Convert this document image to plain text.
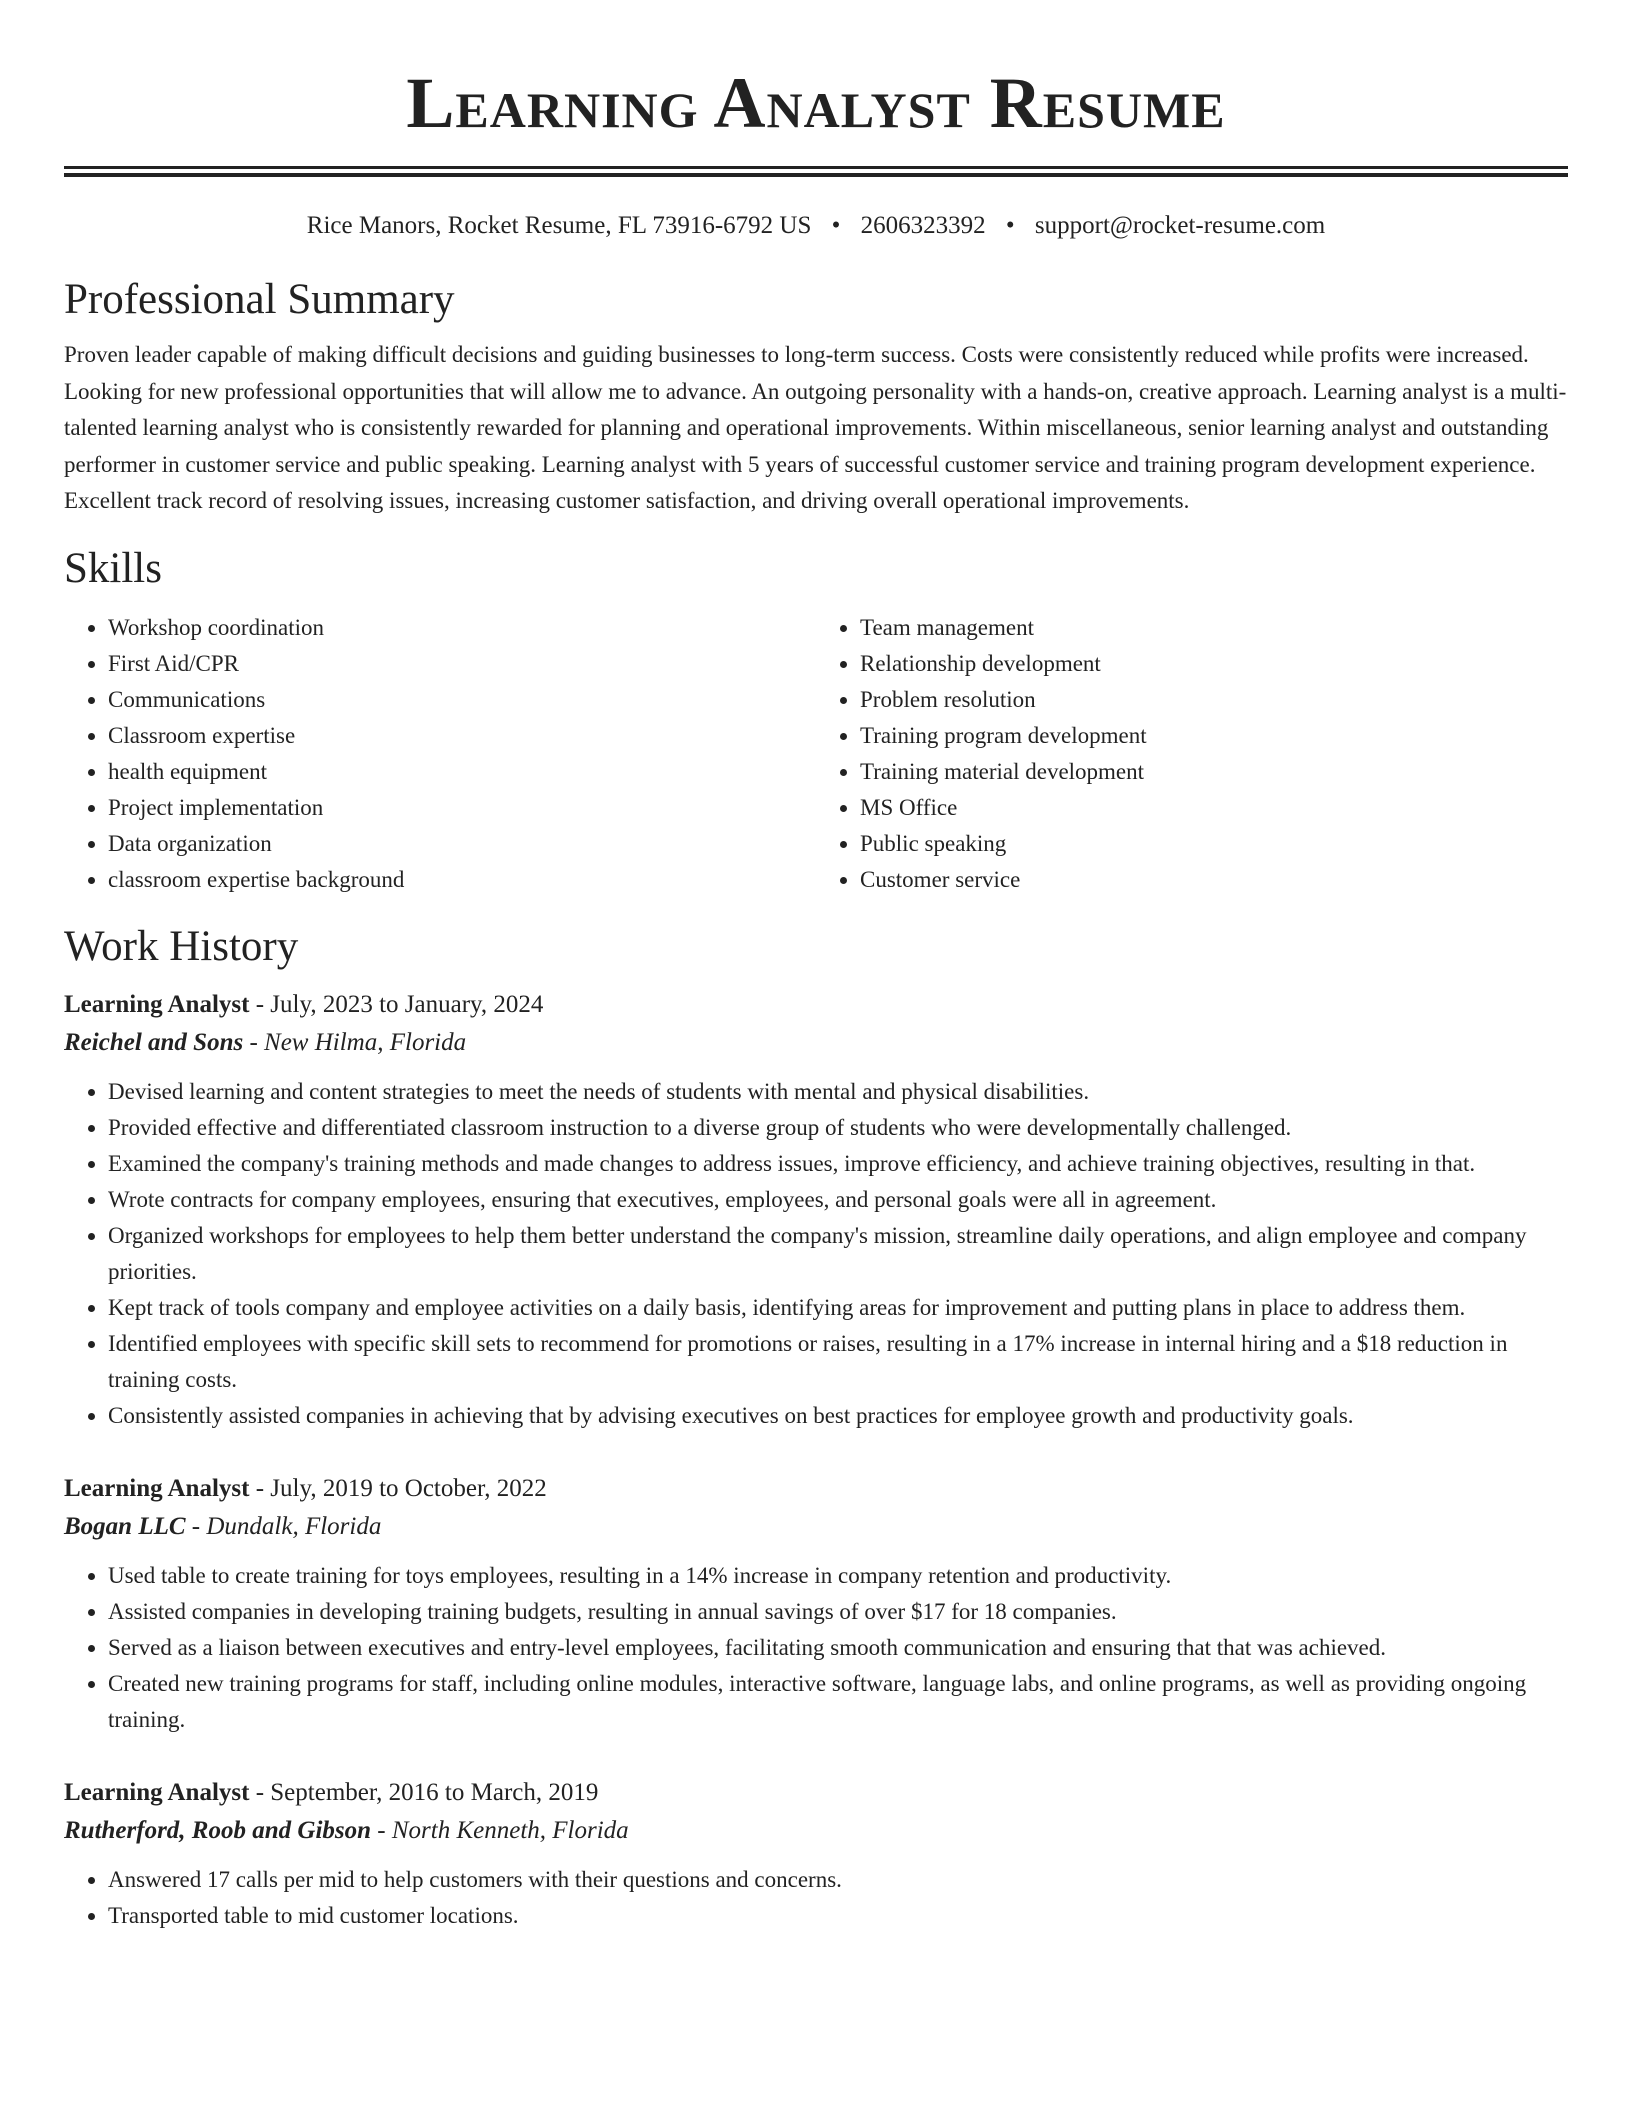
Learning Analyst Resume
Rice Manors, Rocket Resume, FL 73916-6792 US • 2606323392 • support@rocket-resume.com
Professional Summary

Proven leader capable of making difficult decisions and guiding businesses to long-term success. Costs were consistently reduced while profits were increased. Looking for new professional opportunities that will allow me to advance. An outgoing personality with a hands-on, creative approach. Learning analyst is a multi-talented learning analyst who is consistently rewarded for planning and operational improvements. Within miscellaneous, senior learning analyst and outstanding performer in customer service and public speaking. Learning analyst with 5 years of successful customer service and training program development experience. Excellent track record of resolving issues, increasing customer satisfaction, and driving overall operational improvements.

Skills
• Workshop coordination
• First Aid/CPR
• Communications
• Classroom expertise
• health equipment
• Project implementation
• Data organization
• classroom expertise background
• Team management
• Relationship development
• Problem resolution
• Training program development
• Training material development
• MS Office
• Public speaking
• Customer service
Work History
Learning Analyst - July, 2023 to January, 2024
Reichel and Sons - New Hilma, Florida
• Devised learning and content strategies to meet the needs of students with mental and physical disabilities.
• Provided effective and differentiated classroom instruction to a diverse group of students who were developmentally challenged.
• Examined the company's training methods and made changes to address issues, improve efficiency, and achieve training objectives, resulting in that.
• Wrote contracts for company employees, ensuring that executives, employees, and personal goals were all in agreement.
• Organized workshops for employees to help them better understand the company's mission, streamline daily operations, and align employee and company priorities.
• Kept track of tools company and employee activities on a daily basis, identifying areas for improvement and putting plans in place to address them.
• Identified employees with specific skill sets to recommend for promotions or raises, resulting in a 17% increase in internal hiring and a $18 reduction in training costs.
• Consistently assisted companies in achieving that by advising executives on best practices for employee growth and productivity goals.
Learning Analyst - July, 2019 to October, 2022
Bogan LLC - Dundalk, Florida
• Used table to create training for toys employees, resulting in a 14% increase in company retention and productivity.
• Assisted companies in developing training budgets, resulting in annual savings of over $17 for 18 companies.
• Served as a liaison between executives and entry-level employees, facilitating smooth communication and ensuring that that was achieved.
• Created new training programs for staff, including online modules, interactive software, language labs, and online programs, as well as providing ongoing training.
Learning Analyst - September, 2016 to March, 2019
Rutherford, Roob and Gibson - North Kenneth, Florida
• Answered 17 calls per mid to help customers with their questions and concerns.
• Transported table to mid customer locations.
